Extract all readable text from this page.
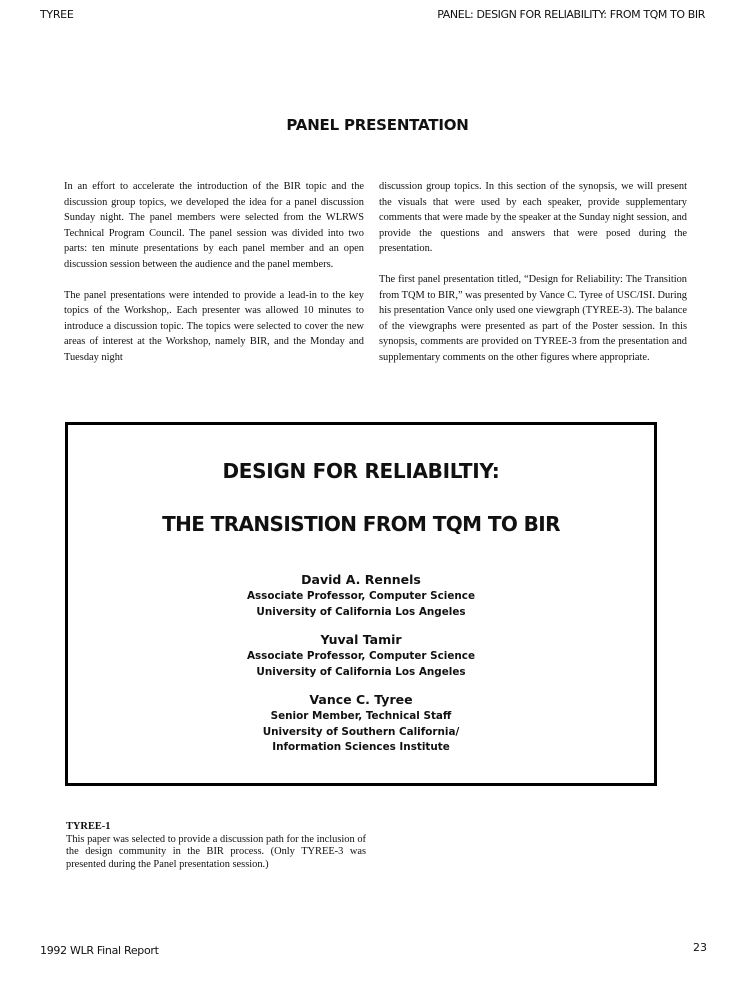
TYREE	PANEL: DESIGN FOR RELIABILITY: FROM TQM TO BIR
PANEL PRESENTATION

In an effort to accelerate the introduction of the BIR topic and the discussion group topics, we developed the idea for a panel discussion Sunday night. The panel members were selected from the WLRWS Technical Program Council. The panel session was divided into two parts: ten minute presentations by each panel member and an open discussion session between the audience and the panel members.

The panel presentations were intended to provide a lead-in to the key topics of the Workshop,. Each presenter was allowed 10 minutes to introduce a discussion topic. The topics were selected to cover the new areas of interest at the Workshop, namely BIR, and the Monday and Tuesday night

discussion group topics. In this section of the synopsis, we will present the visuals that were used by each speaker, provide supplementary comments that were made by the speaker at the Sunday night session, and provide the questions and answers that were posed during the presentation.

The first panel presentation titled, “Design for Reliability: The Transition from TQM to BIR,” was presented by Vance C. Tyree of USC/ISI. During his presentation Vance only used one viewgraph (TYREE-3). The balance of the viewgraphs were presented as part of the Poster session. In this synopsis, comments are provided on TYREE-3 from the presentation and supplementary comments on the other figures where appropriate.

DESIGN FOR RELIABILTIY:
THE TRANSISTION FROM TQM TO BIR
David A. Rennels
Associate Professor, Computer Science
University of California Los Angeles
Yuval Tamir
Associate Professor, Computer Science
University of California Los Angeles
Vance C. Tyree
Senior Member, Technical Staff
University of Southern California/
Information Sciences Institute
TYREE-1
This paper was selected to provide a discussion path for the inclusion of the design community in the BIR process. (Only TYREE-3 was presented during the Panel presentation session.)
1992 WLR Final Report	23
